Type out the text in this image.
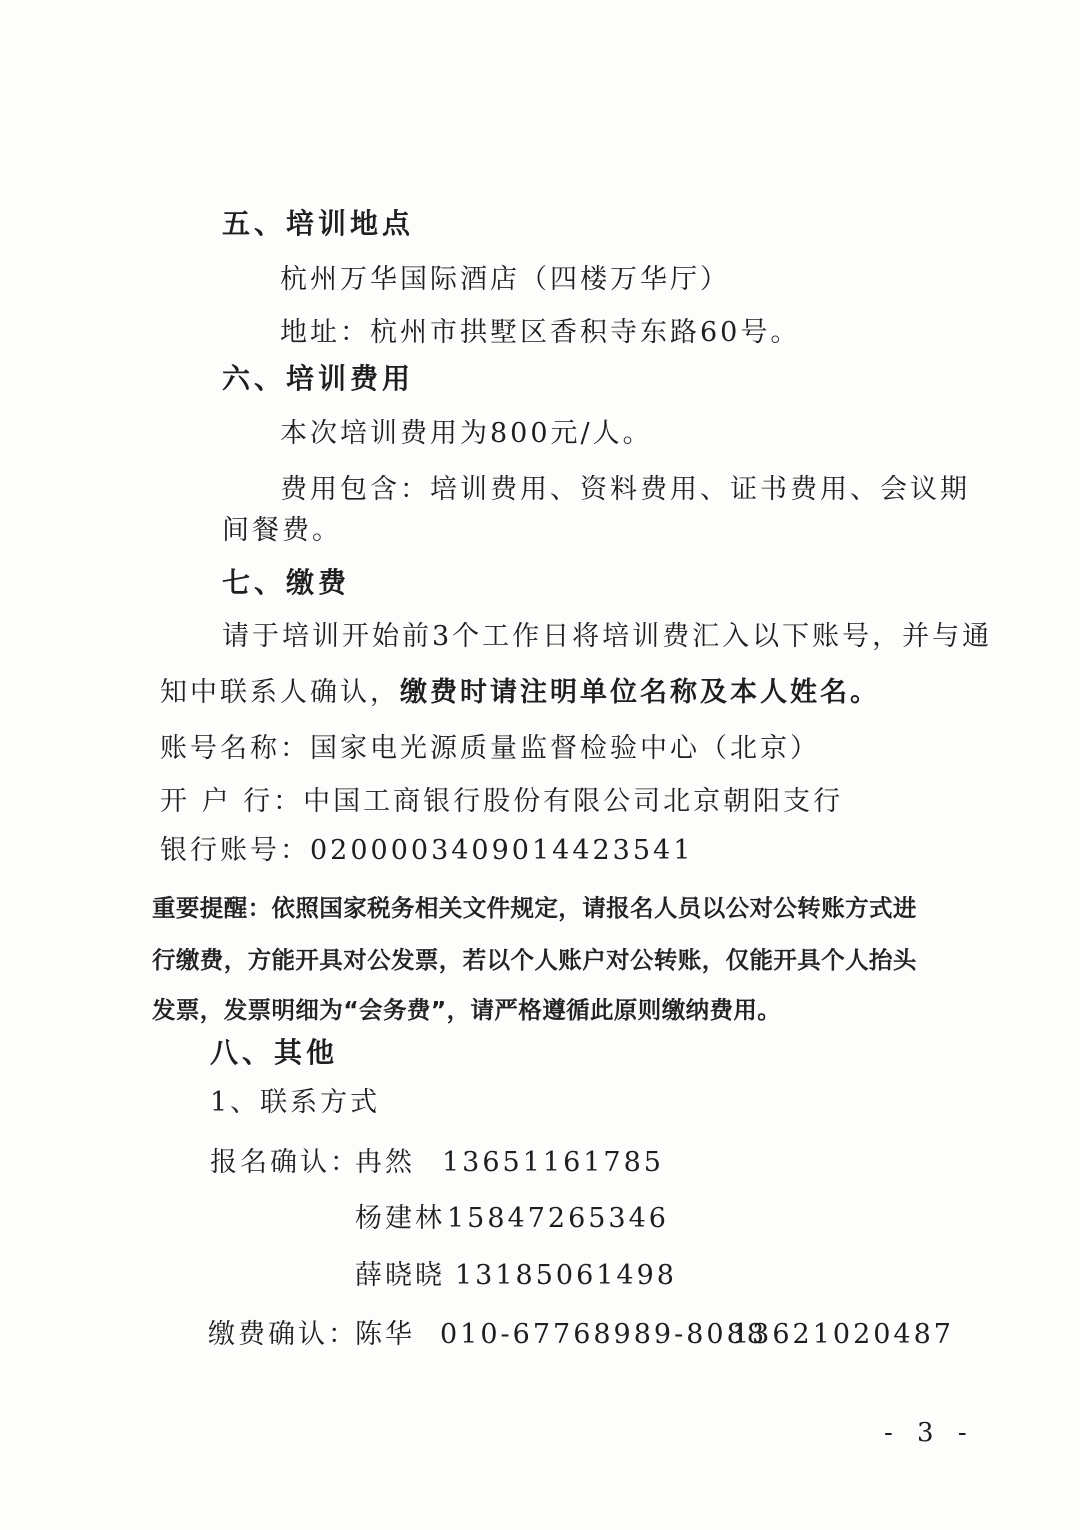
五、培训地点
杭州万华国际酒店（四楼万华厅）
地址：杭州市拱墅区香积寺东路60号。
六、培训费用
本次培训费用为800元/人。
费用包含：培训费用、资料费用、证书费用、会议期
间餐费。
七、缴费
请于培训开始前3个工作日将培训费汇入以下账号，并与通
知中联系人确认，缴费时请注明单位名称及本人姓名。
账号名称：国家电光源质量监督检验中心（北京）
开 户 行：中国工商银行股份有限公司北京朝阳支行
银行账号：0200003409014423541
重要提醒：依照国家税务相关文件规定，请报名人员以公对公转账方式进
行缴费，方能开具对公发票，若以个人账户对公转账，仅能开具个人抬头
发票，发票明细为“会务费”，请严格遵循此原则缴纳费用。
八、其他
1、联系方式
报名确认：
冉然 13651161785
杨建林 15847265346
薛晓晓 13185061498
缴费确认：
陈华 010-67768989-8088
13621020487
- 3 -
